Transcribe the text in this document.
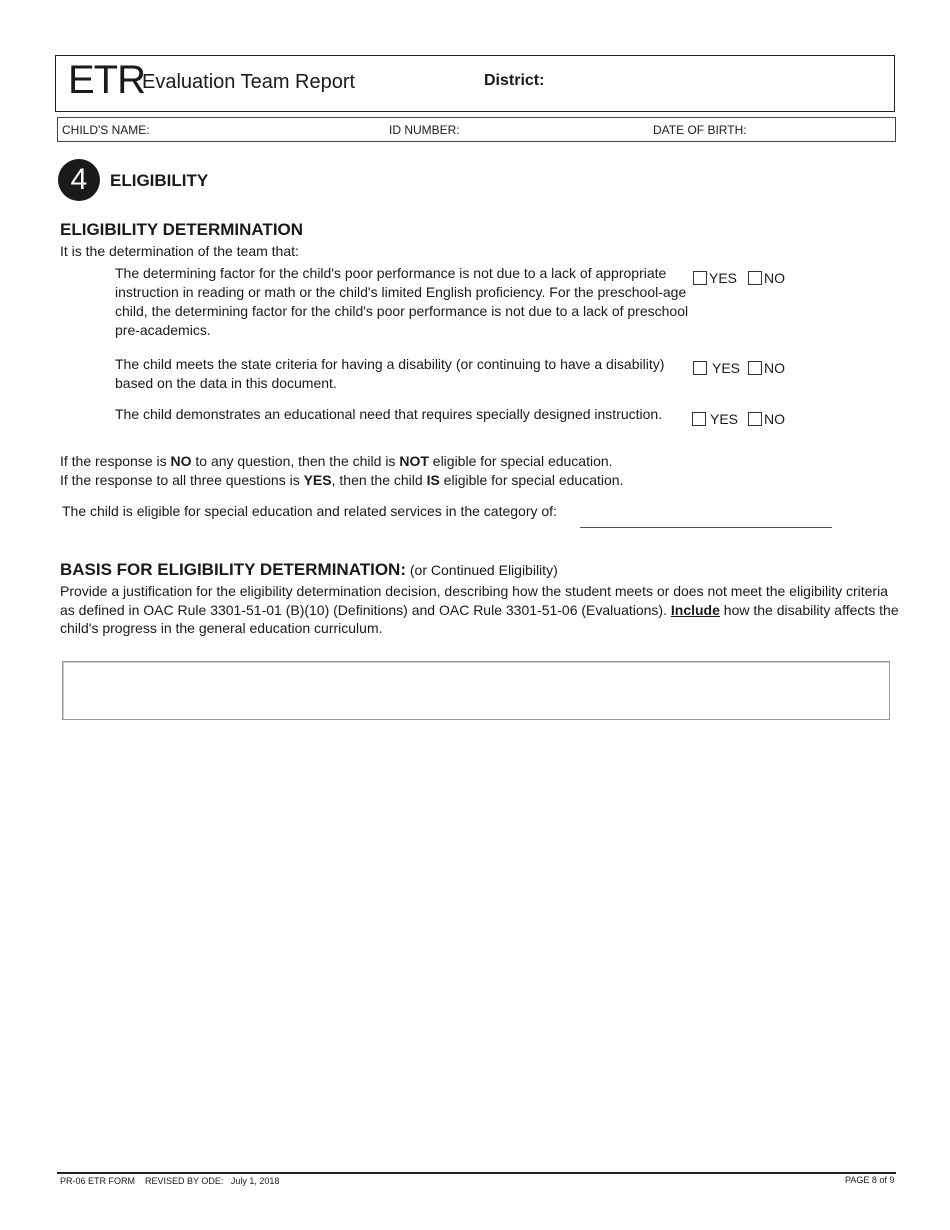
ETR
Evaluation Team Report	District:
CHILD'S NAME:	ID NUMBER:	DATE OF BIRTH:
4	ELIGIBILITY
ELIGIBILITY DETERMINATION
It is the determination of the team that:
The determining factor for the child's poor performance is not due to a lack of appropriate instruction in reading or math or the child's limited English proficiency. For the preschool-age child, the determining factor for the child's poor performance is not due to a lack of preschool pre-academics.
YES NO
The child meets the state criteria for having a disability (or continuing to have a disability) based on the data in this document.
YES NO
The child demonstrates an educational need that requires specially designed instruction.	YES NO
If the response is NO to any question, then the child is NOT eligible for special education.
If the response to all three questions is YES, then the child IS eligible for special education.
The child is eligible for special education and related services in the category of:
BASIS FOR ELIGIBILITY DETERMINATION: (or Continued Eligibility)
Provide a justification for the eligibility determination decision, describing how the student meets or does not meet the eligibility criteria as defined in OAC Rule 3301-51-01 (B)(10) (Definitions) and OAC Rule 3301-51-06 (Evaluations). Include how the disability affects the child's progress in the general education curriculum.
PR-06 ETR FORM    REVISED BY ODE:   July 1, 2018	PAGE 8 of 9
